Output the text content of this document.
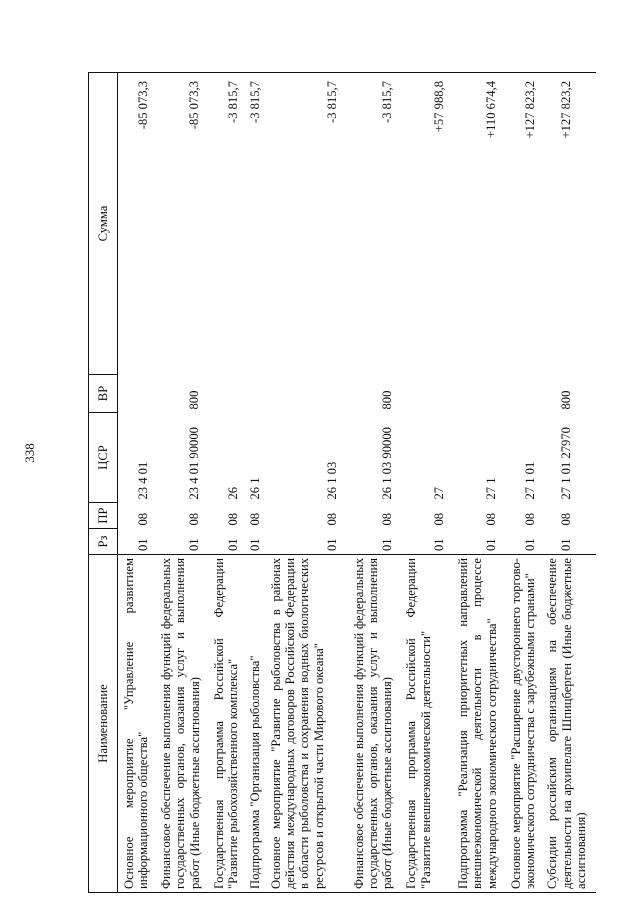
338
Наименование	Рз	ПР	ЦСР	ВР	Сумма
Основное мероприятие "Управление развитием информационного общества"	01	08	23 4 01		-85 073,3
Финансовое обеспечение выполнения функций федеральных государственных органов, оказания услуг и выполнения работ (Иные бюджетные ассигнования)	01	08	23 4 01 90000	800	-85 073,3
Государственная программа Российской Федерации "Развитие рыбохозяйственного комплекса"	01	08	26		-3 815,7
Подпрограмма "Организация рыболовства"	01	08	26 1		-3 815,7
Основное мероприятие "Развитие рыболовства в районах действия международных договоров Российской Федерации в области рыболовства и сохранения водных биологических ресурсов и открытой части Мирового океана"	01	08	26 1 03		-3 815,7
Финансовое обеспечение выполнения функций федеральных государственных органов, оказания услуг и выполнения работ (Иные бюджетные ассигнования)	01	08	26 1 03 90000	800	-3 815,7
Государственная программа Российской Федерации "Развитие внешнеэкономической деятельности"	01	08	27		+57 988,8
Подпрограмма "Реализация приоритетных направлений внешнеэкономической деятельности в процессе международного экономического сотрудничества"	01	08	27 1		+110 674,4
Основное мероприятие "Расширение двустороннего торгово-экономического сотрудничества с зарубежными странами"	01	08	27 1 01		+127 823,2
Субсидии российским организациям на обеспечение деятельности на архипелаге Шпицберген (Иные бюджетные ассигнования)	01	08	27 1 01 27970	800	+127 823,2
